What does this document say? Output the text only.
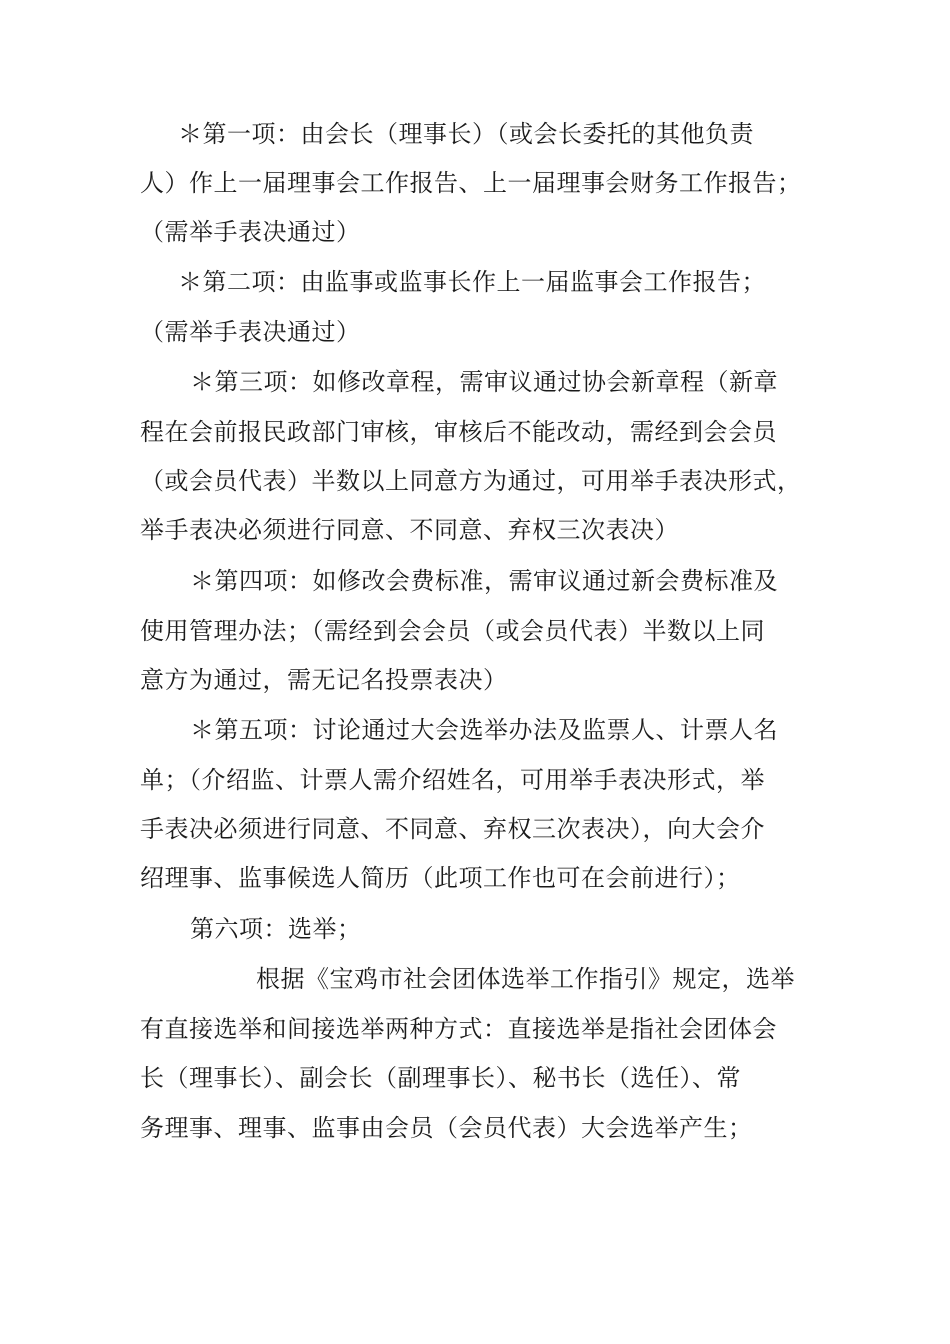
＊第一项：由会长（理事长）（或会长委托的其他负责
人）作上一届理事会工作报告、上一届理事会财务工作报告；
（需举手表决通过）
＊第二项：由监事或监事长作上一届监事会工作报告；
（需举手表决通过）
＊第三项：如修改章程，需审议通过协会新章程（新章
程在会前报民政部门审核，审核后不能改动，需经到会会员
（或会员代表）半数以上同意方为通过，可用举手表决形式，
举手表决必须进行同意、不同意、弃权三次表决）
＊第四项：如修改会费标准，需审议通过新会费标准及
使用管理办法；（需经到会会员（或会员代表）半数以上同
意方为通过，需无记名投票表决）
＊第五项：讨论通过大会选举办法及监票人、计票人名
单；（介绍监、计票人需介绍姓名，可用举手表决形式，举
手表决必须进行同意、不同意、弃权三次表决），向大会介
绍理事、监事候选人简历（此项工作也可在会前进行）；
第六项：选举；
根据《宝鸡市社会团体选举工作指引》规定，选举
有直接选举和间接选举两种方式：直接选举是指社会团体会
长（理事长）、副会长（副理事长）、秘书长（选任）、常
务理事、理事、监事由会员（会员代表）大会选举产生；
